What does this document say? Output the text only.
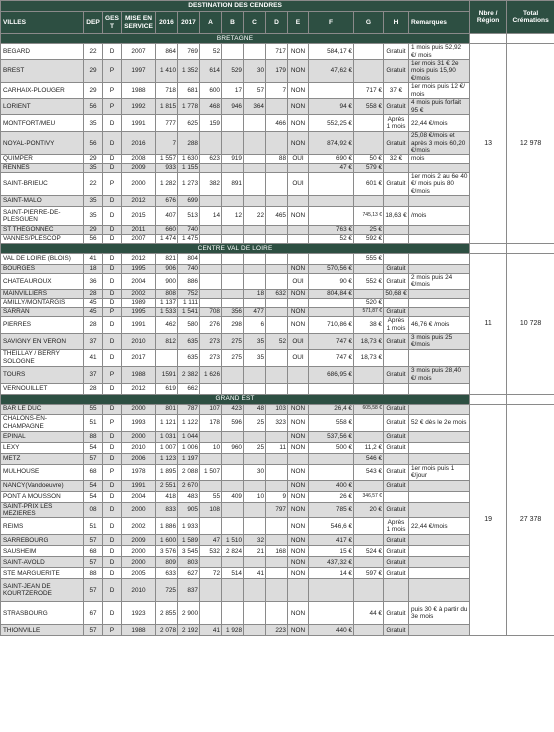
DESTINATION DES CENDRES															Nbre / Région	Total Crémations
VILLES	DEP	GEST	MISE EN SERVICE	2016	2017	A	B	C	D	E	F	G	H	Remarques		
BRETAGNE																
BEGARD	22	D	2007	864	769	52			717	NON	584,17 €		Gratuit	1 mois puis 52,92 €/ mois	13	12 978
BREST	29	P	1997	1 410	1 352	614	529	30	179	NON	47,62 €		Gratuit	1er mois 31 € 2e mois puis 15,90 €/mois		
CARHAIX-PLOUGER	29	P	1988	718	681	600	17	57	7	NON		717 €	37 €	1er mois puis 12 €/ mois		
LORIENT	56	P	1992	1 815	1 778	468	946	364		NON	94 €	558 €	Gratuit	4 mois puis forfait 95 €		
MONTFORT/MEU	35	D	1991	777	625	159			466	NON	552,25 €		Après 1 mois	22,44 €/mois		
NOYAL-PONTIVY	56	D	2016	7	288					NON	874,92 €		Gratuit	25,08 €/mois et après 3 mois 60,20 €/mois		
QUIMPER	29	D	2008	1 557	1 630	623	919		88	OUI	690 €	50 €	32 €	mois		
RENNES	35	D	2009	933	1 155						47 €	579 €				
SAINT-BRIEUC	22	P	2000	1 282	1 273	382	891			OUI		601 €	Gratuit	1er mois 2 au 6e 40 €/ mois puis 80 €/mois		
SAINT-MALO	35	D	2012	676	699											
SAINT-PIERRE-DE-PLESGUEN	35	D	2015	407	513	14	12	22	465	NON		745,13 €	18,63 €	/mois		
ST THEGONNEC	29	D	2011	660	740						763 €	25 €				
VANNES/PLESCOP	56	D	2007	1 474	1 475						52 €	592 €				
CENTRE VAL DE LOIRE																
VAL DE LOIRE (BLOIS)	41	D	2012	821	804							555 €			11	10 728
BOURGES	18	D	1995	906	740					NON	570,56 €		Gratuit			
CHATEAUROUX	36	D	2004	900	886					OUI	90 €	552 €	Gratuit	2 mois puis 24 €/mois		
MAINVILLIERS	28	D	2002	808	752			18	632	NON	804,84 €		50,68 €			
AMILLY/MONTARGIS	45	D	1989	1 137	1 111							520 €				
SARRAN	45	P	1995	1 533	1 541	708	356	477		NON		571,87 €	Gratuit			
PIERRES	28	D	1991	462	580	276	298	6		NON	710,86 €	38 €	Après 1 mois	46,76 € /mois		
SAVIGNY EN VERON	37	D	2010	812	635	273	275	35	52	OUI	747 €	18,73 €	Gratuit	3 mois puis 25 €/mois		
THEILLAY / BERRY SOLOGNE	41	D	2017		635	273	275	35		OUI	747 €	18,73 €				
TOURS	37	P	1988	1591	2 382	1 626					686,95 €		Gratuit	3 mois puis 28,40 €/ mois		
VERNOUILLET	28	D	2012	619	662											
GRAND EST																
BAR LE DUC	55	D	2000	801	787	107	423	48	103	NON	26,4 €	605,58 €	Gratuit		19	27 378
CHALONS-EN-CHAMPAGNE	51	P	1993	1 121	1 122	178	596	25	323	NON	558 €		Gratuit	52 € dès le 2e mois		
EPINAL	88	D	2000	1 031	1 044					NON	537,56 €		Gratuit			
LEXY	54	D	2010	1 007	1 006	10	960	25	11	NON	500 €	11,2 €	Gratuit			
METZ	57	D	2006	1 123	1 197							546 €				
MULHOUSE	68	P	1978	1 895	2 088	1 507		30		NON		543 €	Gratuit	1er mois puis 1 €/jour		
NANCY(Vandoeuvre)	54	D	1991	2 551	2 670					NON	400 €		Gratuit			
PONT A MOUSSON	54	D	2004	418	483	55	409	10	9	NON	26 €	346,57 €				
SAINT-PRIX LES MEZIERES	08	D	2000	833	905	108			797	NON	785 €	20 €	Gratuit			
REIMS	51	D	2002	1 886	1 933					NON	546,6 €		Après 1 mois	22,44 €/mois		
SARREBOURG	57	D	2009	1 600	1 589	47	1 510	32		NON	417 €		Gratuit			
SAUSHEIM	68	D	2000	3 576	3 545	532	2 824	21	168	NON	15 €	524 €	Gratuit			
SAINT-AVOLD	57	D	2000	809	803					NON	437,32 €		Gratuit			
STE MARGUERITE	88	D	2005	633	627	72	514	41		NON	14 €	597 €	Gratuit			
SAINT-JEAN DE KOURTZERODE	57	D	2010	725	837											
STRASBOURG	67	D	1923	2 855	2 900					NON		44 €	Gratuit	puis 30 € à partir du 3e mois		
THIONVILLE	57	P	1988	2 078	2 192	41	1 928		223	NON	440 €		Gratuit			
